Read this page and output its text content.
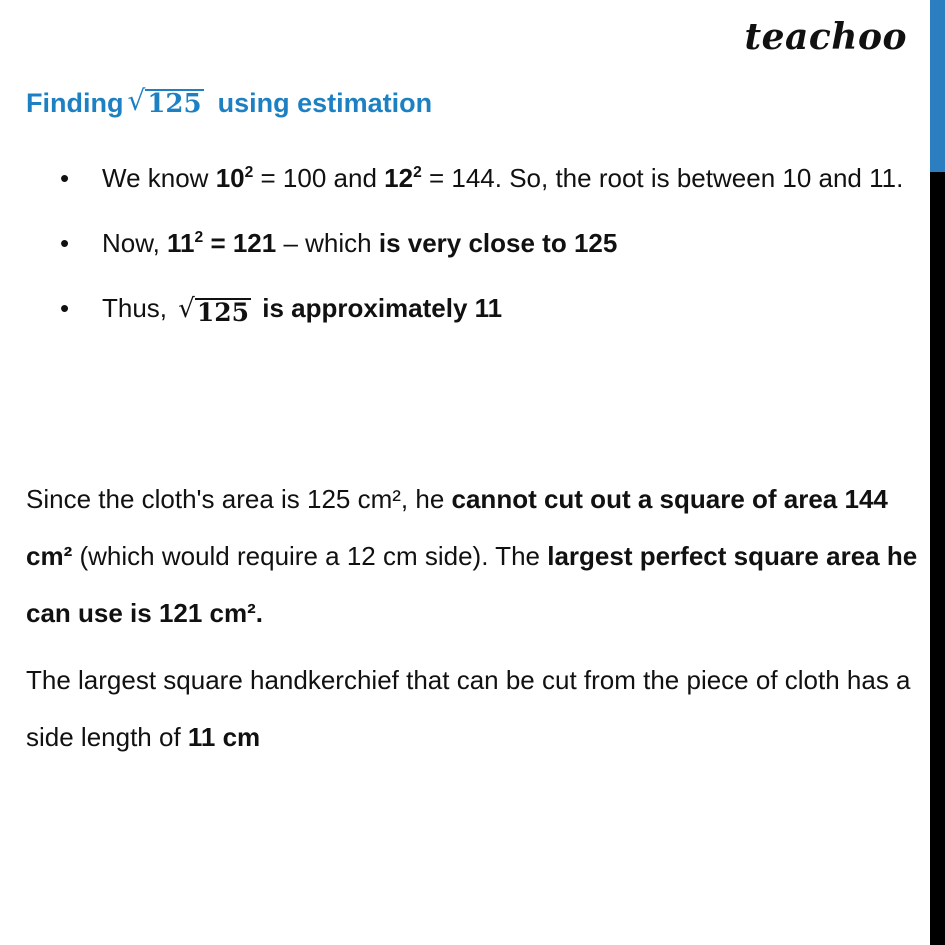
teachoo
Finding √ 125 using estimation
• We know $10^2 = 100$ and $12^2 = 144$. So, the root is between 10 and 11.
• Now, $11^2 = 121$ – which is very close to 125
• Thus, √ 125 is approximately 11

Since the cloth's area is 125 cm², he cannot cut out a square of area 144 cm² (which would require a 12 cm side). The largest perfect square area he can use is 121 cm².

The largest square handkerchief that can be cut from the piece of cloth has a side length of 11 cm
